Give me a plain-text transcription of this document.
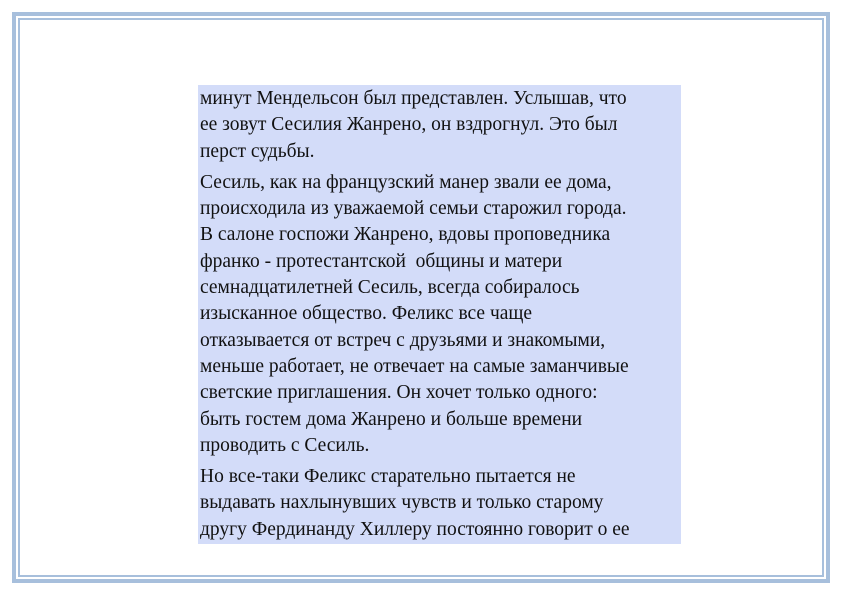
минут Мендельсон был представлен. Услышав, что
ее зовут Сесилия Жанрено, он вздрогнул. Это был
перст судьбы.

Сесиль, как на французский манер звали ее дома,
происходила из уважаемой семьи старожил города.
В салоне госпожи Жанрено, вдовы проповедника
франко - протестантской  общины и матери
семнадцатилетней Сесиль, всегда собиралось
изысканное общество. Феликс все чаще
отказывается от встреч с друзьями и знакомыми,
меньше работает, не отвечает на самые заманчивые
светские приглашения. Он хочет только одного:
быть гостем дома Жанрено и больше времени
проводить с Сесиль.

Но все-таки Феликс старательно пытается не
выдавать нахлынувших чувств и только старому
другу Фердинанду Хиллеру постоянно говорит о ее
